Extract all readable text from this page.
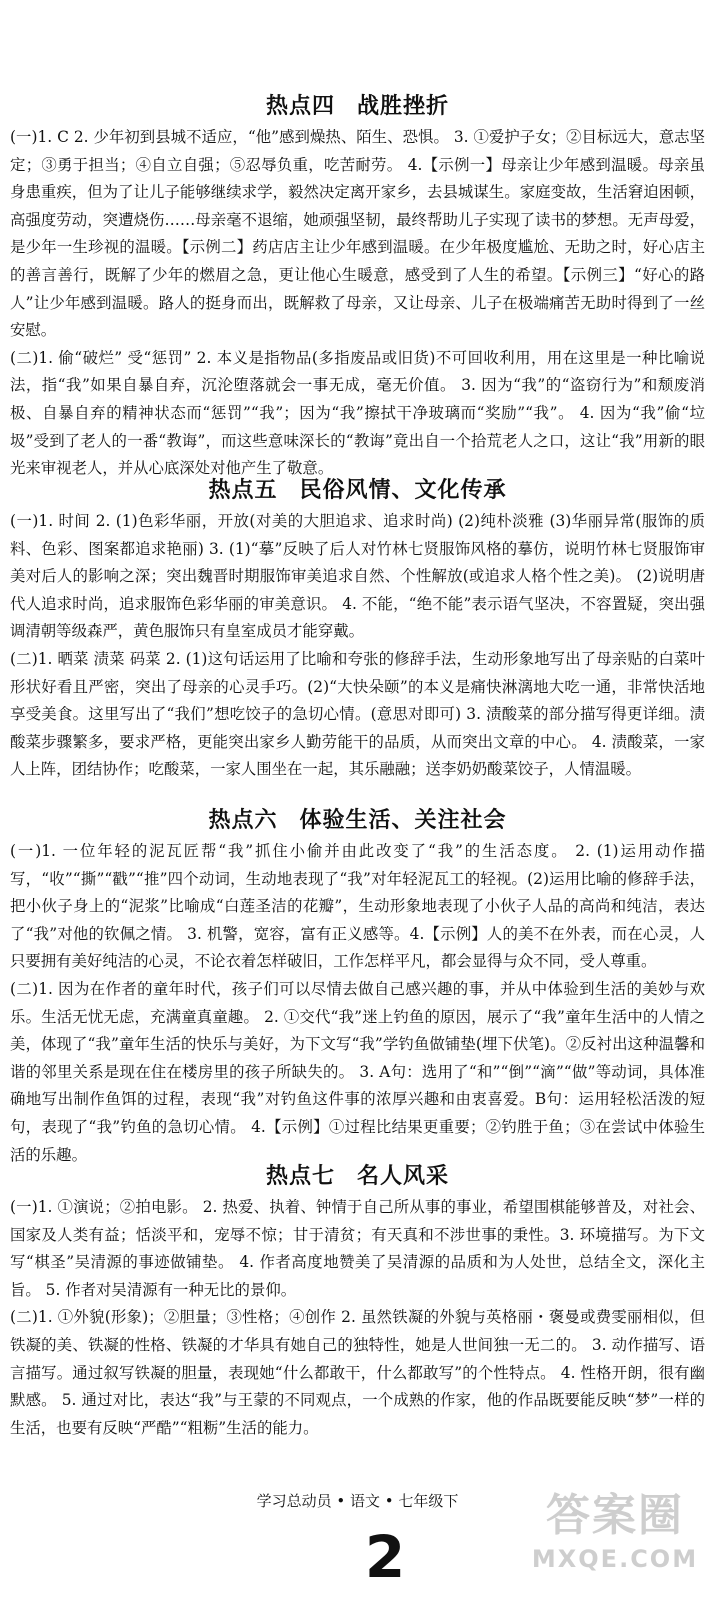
热点四 战胜挫折

(一)1. C 2. 少年初到县城不适应，“他”感到燥热、陌生、恐惧。 3. ①爱护子女；②目标远大，意志坚定；③勇于担当；④自立自强；⑤忍辱负重，吃苦耐劳。 4.【示例一】母亲让少年感到温暖。母亲虽身患重疾，但为了让儿子能够继续求学，毅然决定离开家乡，去县城谋生。家庭变故，生活窘迫困顿，高强度劳动，突遭烧伤……母亲毫不退缩，她顽强坚韧，最终帮助儿子实现了读书的梦想。无声母爱，是少年一生珍视的温暖。【示例二】药店店主让少年感到温暖。在少年极度尴尬、无助之时，好心店主的善言善行，既解了少年的燃眉之急，更让他心生暖意，感受到了人生的希望。【示例三】“好心的路人”让少年感到温暖。路人的挺身而出，既解救了母亲，又让母亲、儿子在极端痛苦无助时得到了一丝安慰。

(二)1. 偷“破烂” 受“惩罚” 2. 本义是指物品(多指废品或旧货)不可回收利用，用在这里是一种比喻说法，指“我”如果自暴自弃，沉沦堕落就会一事无成，毫无价值。 3. 因为“我”的“盗窃行为”和颓废消极、自暴自弃的精神状态而“惩罚”“我”；因为“我”擦拭干净玻璃而“奖励”“我”。 4. 因为“我”偷“垃圾”受到了老人的一番“教诲”，而这些意味深长的“教诲”竟出自一个拾荒老人之口，这让“我”用新的眼光来审视老人，并从心底深处对他产生了敬意。

热点五 民俗风情、文化传承

(一)1. 时间 2. (1)色彩华丽，开放(对美的大胆追求、追求时尚) (2)纯朴淡雅 (3)华丽异常(服饰的质料、色彩、图案都追求艳丽) 3. (1)“摹”反映了后人对竹林七贤服饰风格的摹仿，说明竹林七贤服饰审美对后人的影响之深；突出魏晋时期服饰审美追求自然、个性解放(或追求人格个性之美)。 (2)说明唐代人追求时尚，追求服饰色彩华丽的审美意识。 4. 不能，“绝不能”表示语气坚决，不容置疑，突出强调清朝等级森严，黄色服饰只有皇室成员才能穿戴。

(二)1. 晒菜 渍菜 码菜 2. (1)这句话运用了比喻和夸张的修辞手法，生动形象地写出了母亲贴的白菜叶形状好看且严密，突出了母亲的心灵手巧。(2)“大快朵颐”的本义是痛快淋漓地大吃一通，非常快活地享受美食。这里写出了“我们”想吃饺子的急切心情。(意思对即可) 3. 渍酸菜的部分描写得更详细。渍酸菜步骤繁多，要求严格，更能突出家乡人勤劳能干的品质，从而突出文章的中心。 4. 渍酸菜，一家人上阵，团结协作；吃酸菜，一家人围坐在一起，其乐融融；送李奶奶酸菜饺子，人情温暖。

热点六 体验生活、关注社会

(一)1. 一位年轻的泥瓦匠帮“我”抓住小偷并由此改变了“我”的生活态度。 2. (1)运用动作描写，“收”“撕”“戳”“推”四个动词，生动地表现了“我”对年轻泥瓦工的轻视。(2)运用比喻的修辞手法，把小伙子身上的“泥浆”比喻成“白莲圣洁的花瓣”，生动形象地表现了小伙子人品的高尚和纯洁，表达了“我”对他的钦佩之情。 3. 机警，宽容，富有正义感等。4.【示例】人的美不在外表，而在心灵，人只要拥有美好纯洁的心灵，不论衣着怎样破旧，工作怎样平凡，都会显得与众不同，受人尊重。

(二)1. 因为在作者的童年时代，孩子们可以尽情去做自己感兴趣的事，并从中体验到生活的美妙与欢乐。生活无忧无虑，充满童真童趣。 2. ①交代“我”迷上钓鱼的原因，展示了“我”童年生活中的人情之美，体现了“我”童年生活的快乐与美好，为下文写“我”学钓鱼做铺垫(埋下伏笔)。②反衬出这种温馨和谐的邻里关系是现在住在楼房里的孩子所缺失的。 3. A句：选用了“和”“倒”“滴”“做”等动词，具体准确地写出制作鱼饵的过程，表现“我”对钓鱼这件事的浓厚兴趣和由衷喜爱。B句：运用轻松活泼的短句，表现了“我”钓鱼的急切心情。 4.【示例】①过程比结果更重要；②钓胜于鱼；③在尝试中体验生活的乐趣。

热点七 名人风采

(一)1. ①演说；②拍电影。 2. 热爱、执着、钟情于自己所从事的事业，希望围棋能够普及，对社会、国家及人类有益；恬淡平和，宠辱不惊；甘于清贫；有天真和不涉世事的秉性。3. 环境描写。为下文写“棋圣”吴清源的事迹做铺垫。 4. 作者高度地赞美了吴清源的品质和为人处世，总结全文，深化主旨。 5. 作者对吴清源有一种无比的景仰。

(二)1. ①外貌(形象)；②胆量；③性格；④创作 2. 虽然铁凝的外貌与英格丽・褒曼或费雯丽相似，但铁凝的美、铁凝的性格、铁凝的才华具有她自己的独特性，她是人世间独一无二的。 3. 动作描写、语言描写。通过叙写铁凝的胆量，表现她“什么都敢干，什么都敢写”的个性特点。 4. 性格开朗，很有幽默感。 5. 通过对比，表达“我”与王蒙的不同观点，一个成熟的作家，他的作品既要能反映“梦”一样的生活，也要有反映“严酷”“粗粝”生活的能力。

学习总动员 • 语文 • 七年级下
2
答案圈
MXQE.COM
